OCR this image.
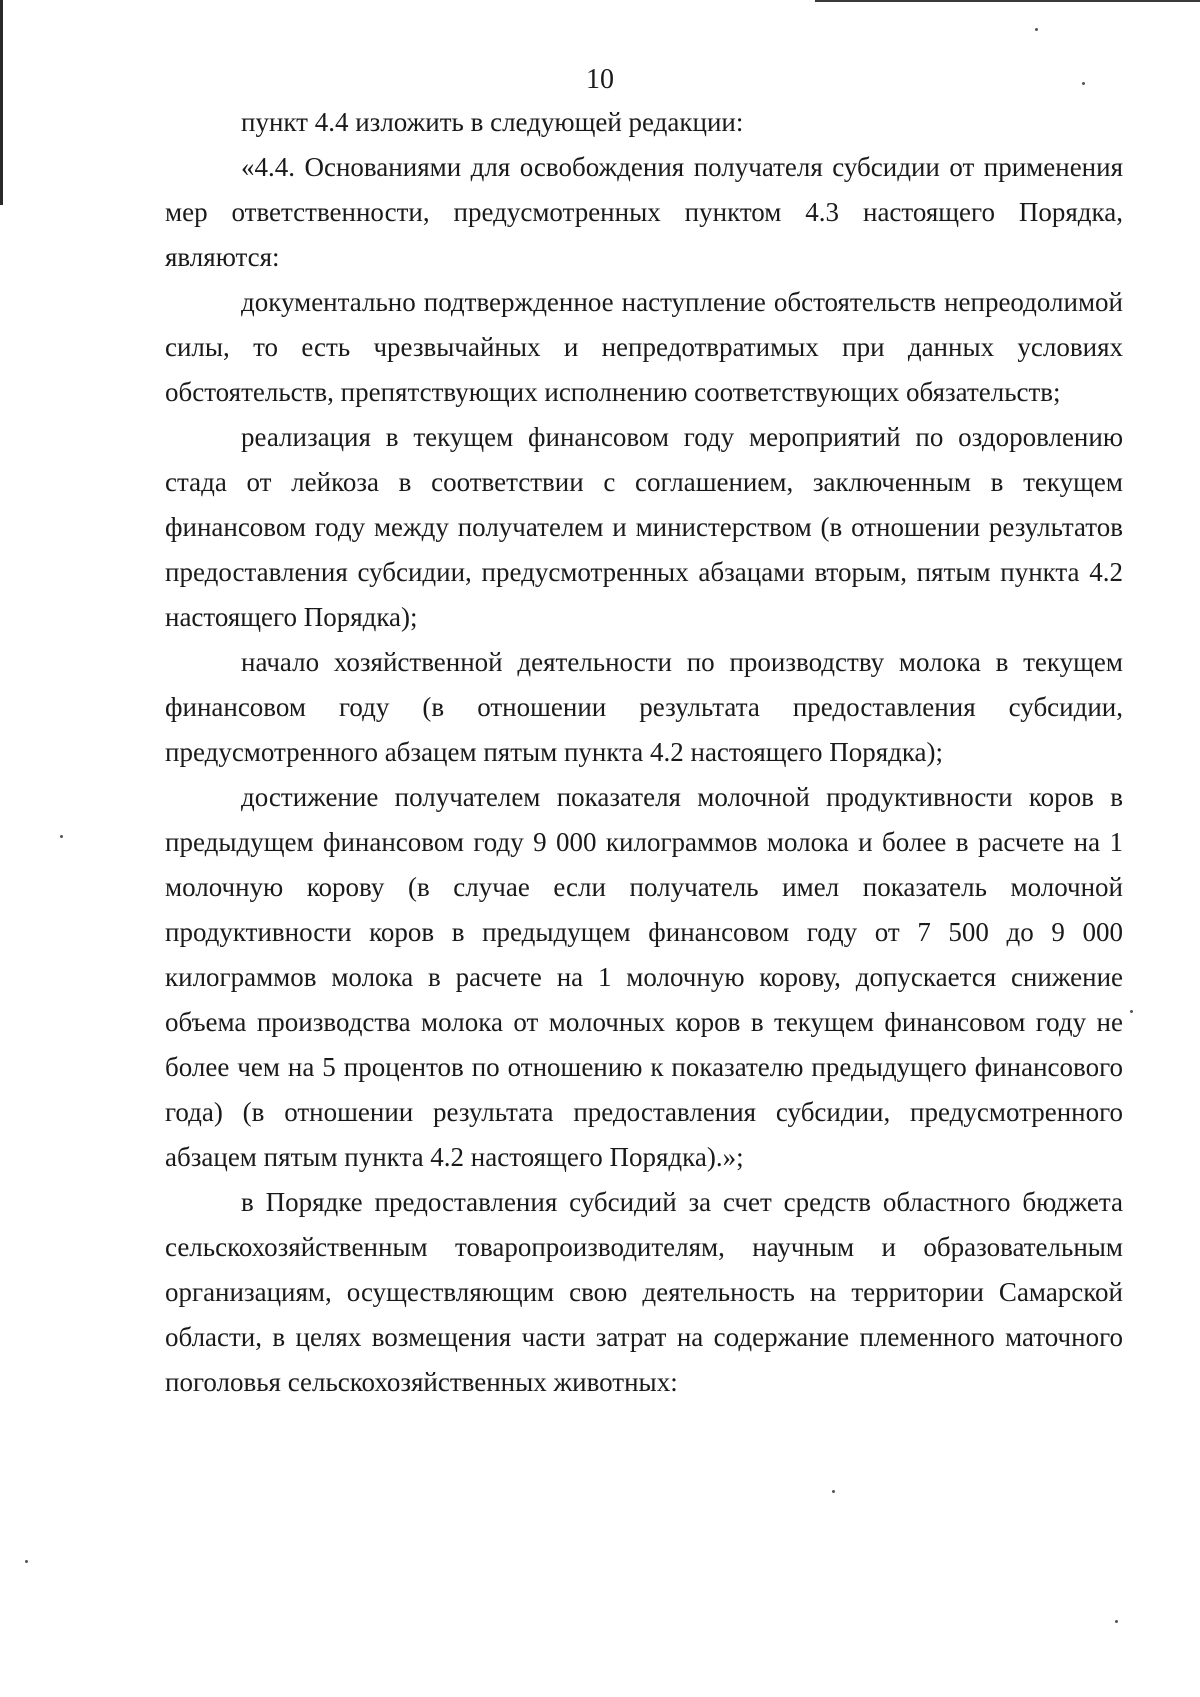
10

пункт 4.4 изложить в следующей редакции:

«4.4. Основаниями для освобождения получателя субсидии от применения мер ответственности, предусмотренных пунктом 4.3 настоящего Порядка, являются:

документально подтвержденное наступление обстоятельств непреодолимой силы, то есть чрезвычайных и непредотвратимых при данных условиях обстоятельств, препятствующих исполнению соответствующих обязательств;

реализация в текущем финансовом году мероприятий по оздоровлению стада от лейкоза в соответствии с соглашением, заключенным в текущем финансовом году между получателем и министерством (в отношении результатов предоставления субсидии, предусмотренных абзацами вторым, пятым пункта 4.2 настоящего Порядка);

начало хозяйственной деятельности по производству молока в текущем финансовом году (в отношении результата предоставления субсидии, предусмотренного абзацем пятым пункта 4.2 настоящего Порядка);

достижение получателем показателя молочной продуктивности коров в предыдущем финансовом году 9 000 килограммов молока и более в расчете на 1 молочную корову (в случае если получатель имел показатель молочной продуктивности коров в предыдущем финансовом году от 7 500 до 9 000 килограммов молока в расчете на 1 молочную корову, допускается снижение объема производства молока от молочных коров в текущем финансовом году не более чем на 5 процентов по отношению к показателю предыдущего финансового года) (в отношении результата предоставления субсидии, предусмотренного абзацем пятым пункта 4.2 настоящего Порядка).»;

в Порядке предоставления субсидий за счет средств областного бюджета сельскохозяйственным товаропроизводителям, научным и образовательным организациям, осуществляющим свою деятельность на территории Самарской области, в целях возмещения части затрат на содержание племенного маточного поголовья сельскохозяйственных животных:
